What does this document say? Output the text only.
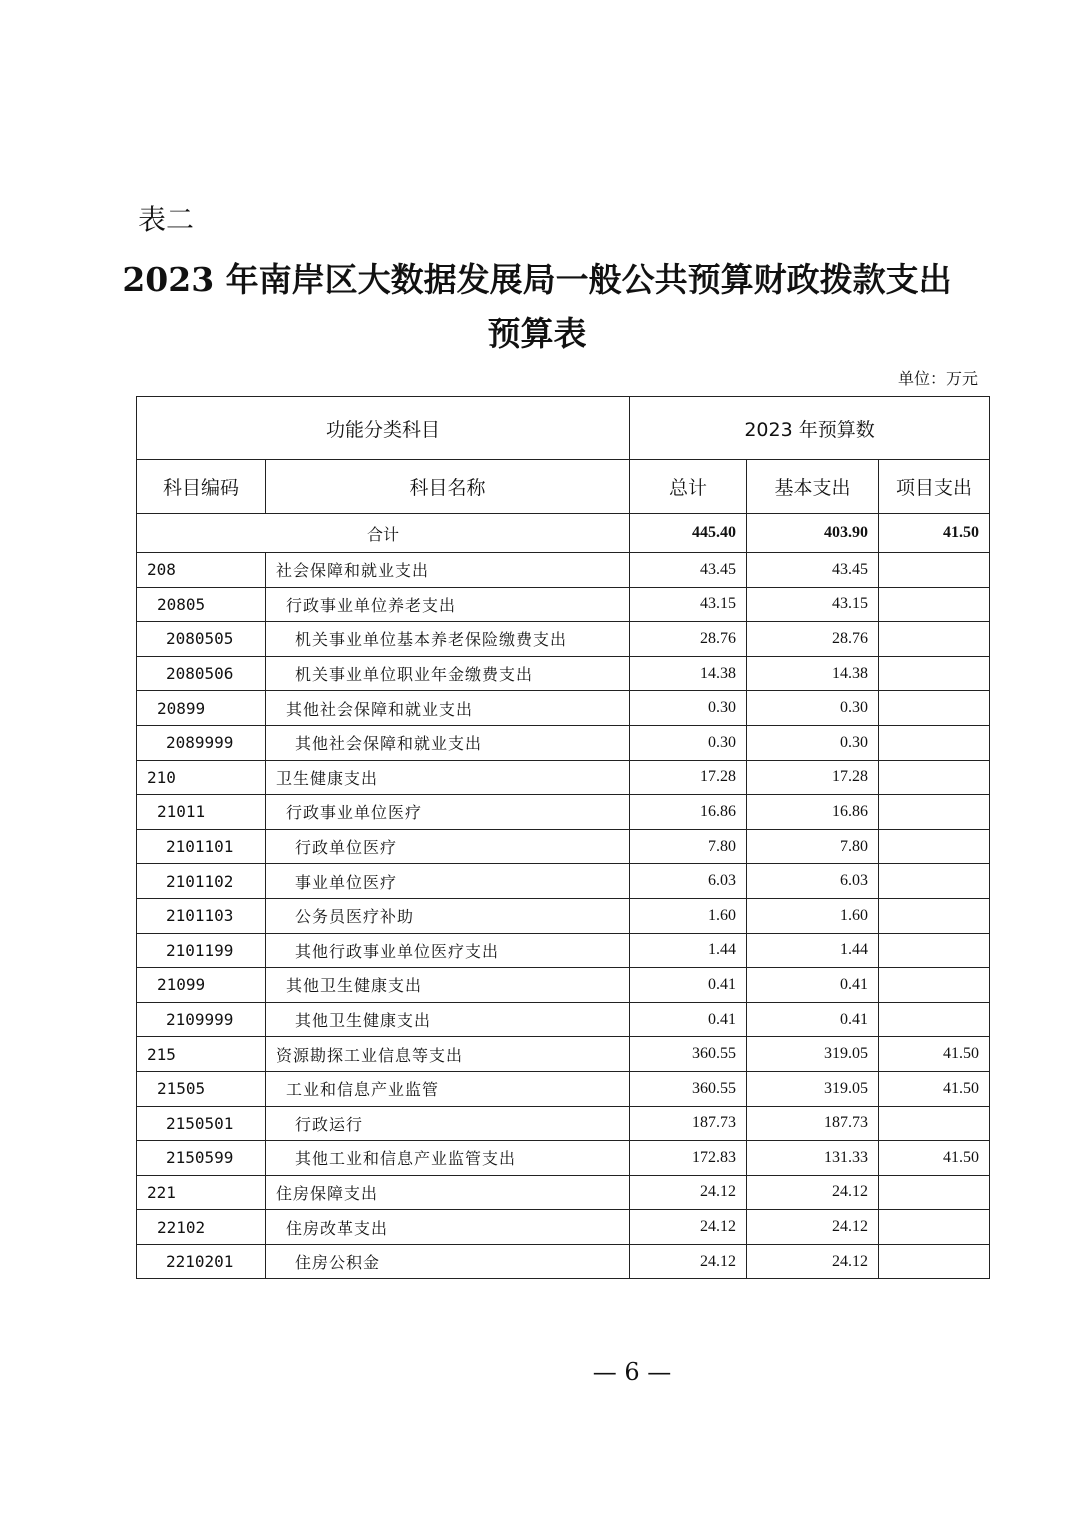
表二
2023 年南岸区大数据发展局一般公共预算财政拨款支出
预算表
单位：万元
功能分类科目		2023 年预算数		
科目编码	科目名称	总计	基本支出	项目支出
合计		445.40	403.90	41.50
208	社会保障和就业支出	43.45	43.45	
20805	行政事业单位养老支出	43.15	43.15	
2080505	机关事业单位基本养老保险缴费支出	28.76	28.76	
2080506	机关事业单位职业年金缴费支出	14.38	14.38	
20899	其他社会保障和就业支出	0.30	0.30	
2089999	其他社会保障和就业支出	0.30	0.30	
210	卫生健康支出	17.28	17.28	
21011	行政事业单位医疗	16.86	16.86	
2101101	行政单位医疗	7.80	7.80	
2101102	事业单位医疗	6.03	6.03	
2101103	公务员医疗补助	1.60	1.60	
2101199	其他行政事业单位医疗支出	1.44	1.44	
21099	其他卫生健康支出	0.41	0.41	
2109999	其他卫生健康支出	0.41	0.41	
215	资源勘探工业信息等支出	360.55	319.05	41.50
21505	工业和信息产业监管	360.55	319.05	41.50
2150501	行政运行	187.73	187.73	
2150599	其他工业和信息产业监管支出	172.83	131.33	41.50
221	住房保障支出	24.12	24.12	
22102	住房改革支出	24.12	24.12	
2210201	住房公积金	24.12	24.12	
— 6 —
